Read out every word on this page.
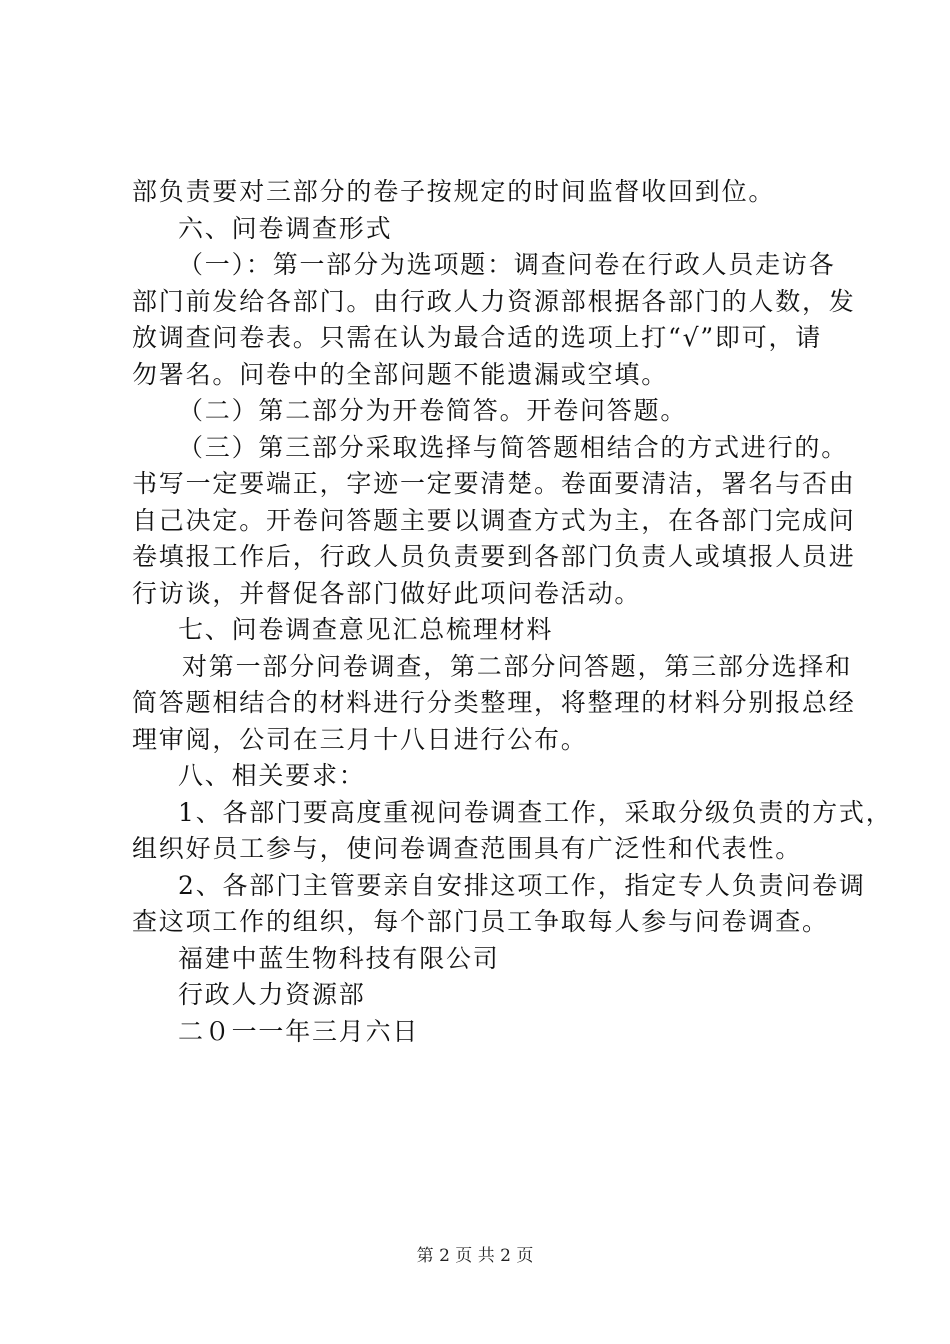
部负责要对三部分的卷子按规定的时间监督收回到位。
六、问卷调查形式
（一）：第一部分为选项题：调查问卷在行政人员走访各
部门前发给各部门。由行政人力资源部根据各部门的人数，发
放调查问卷表。只需在认为最合适的选项上打“√”即可，请
勿署名。问卷中的全部问题不能遗漏或空填。
（二）第二部分为开卷简答。开卷问答题。
（三）第三部分采取选择与简答题相结合的方式进行的。
书写一定要端正，字迹一定要清楚。卷面要清洁，署名与否由
自己决定。开卷问答题主要以调查方式为主，在各部门完成问
卷填报工作后，行政人员负责要到各部门负责人或填报人员进
行访谈，并督促各部门做好此项问卷活动。
七、问卷调查意见汇总梳理材料
对第一部分问卷调查，第二部分问答题，第三部分选择和
简答题相结合的材料进行分类整理，将整理的材料分别报总经
理审阅，公司在三月十八日进行公布。
八、相关要求：
1、各部门要高度重视问卷调查工作，采取分级负责的方式，
组织好员工参与，使问卷调查范围具有广泛性和代表性。
2、各部门主管要亲自安排这项工作，指定专人负责问卷调
查这项工作的组织，每个部门员工争取每人参与问卷调查。
福建中蓝生物科技有限公司
行政人力资源部
二０一一年三月六日
第 2 页 共 2 页
